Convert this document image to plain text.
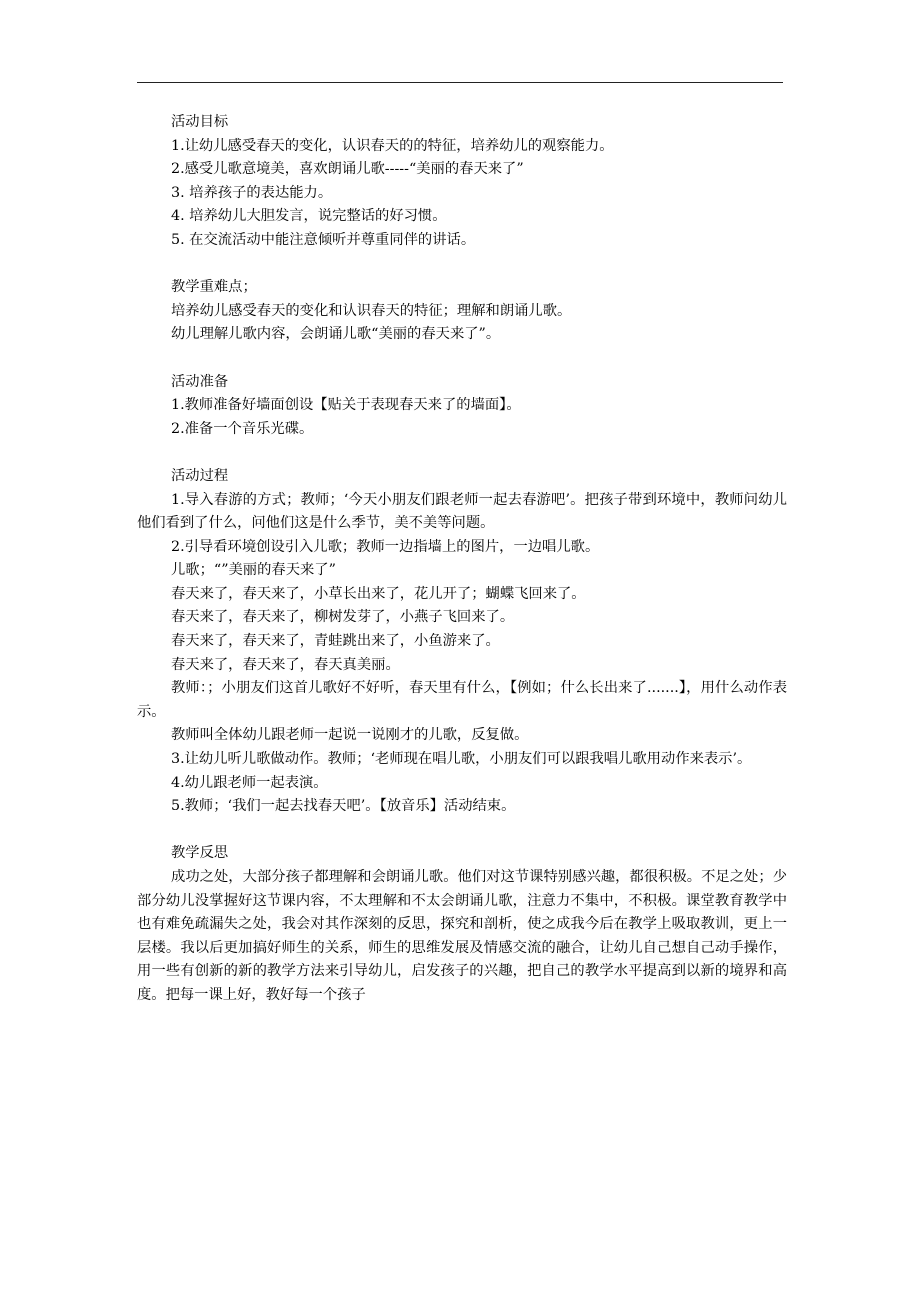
活动目标

1.让幼儿感受春天的变化，认识春天的的特征，培养幼儿的观察能力。

2.感受儿歌意境美，喜欢朗诵儿歌-----“美丽的春天来了”

3. 培养孩子的表达能力。

4. 培养幼儿大胆发言，说完整话的好习惯。

5. 在交流活动中能注意倾听并尊重同伴的讲话。

教学重难点；

培养幼儿感受春天的变化和认识春天的特征；理解和朗诵儿歌。

幼儿理解儿歌内容，会朗诵儿歌“美丽的春天来了”。

活动准备

1.教师准备好墙面创设【贴关于表现春天来了的墙面】。

2.准备一个音乐光碟。

活动过程

1.导入春游的方式；教师；‘今天小朋友们跟老师一起去春游吧’。把孩子带到环境中，教师问幼儿他们看到了什么，问他们这是什么季节，美不美等问题。

2.引导看环境创设引入儿歌；教师一边指墙上的图片，一边唱儿歌。

儿歌；“”美丽的春天来了”

春天来了，春天来了，小草长出来了，花儿开了；蝴蝶飞回来了。

春天来了，春天来了，柳树发芽了，小燕子飞回来了。

春天来了，春天来了，青蛙跳出来了，小鱼游来了。

春天来了，春天来了，春天真美丽。

教师：；小朋友们这首儿歌好不好听，春天里有什么，【例如；什么长出来了.......】，用什么动作表示。

教师叫全体幼儿跟老师一起说一说刚才的儿歌，反复做。

3.让幼儿听儿歌做动作。教师；‘老师现在唱儿歌，小朋友们可以跟我唱儿歌用动作来表示’。

4.幼儿跟老师一起表演。

5.教师；‘我们一起去找春天吧’。【放音乐】活动结束。

教学反思

成功之处，大部分孩子都理解和会朗诵儿歌。他们对这节课特别感兴趣，都很积极。不足之处；少部分幼儿没掌握好这节课内容，不太理解和不太会朗诵儿歌，注意力不集中，不积极。课堂教育教学中也有难免疏漏失之处，我会对其作深刻的反思，探究和剖析，使之成我今后在教学上吸取教训，更上一层楼。我以后更加搞好师生的关系，师生的思维发展及情感交流的融合，让幼儿自己想自己动手操作，用一些有创新的新的教学方法来引导幼儿，启发孩子的兴趣，把自己的教学水平提高到以新的境界和高度。把每一课上好，教好每一个孩子
